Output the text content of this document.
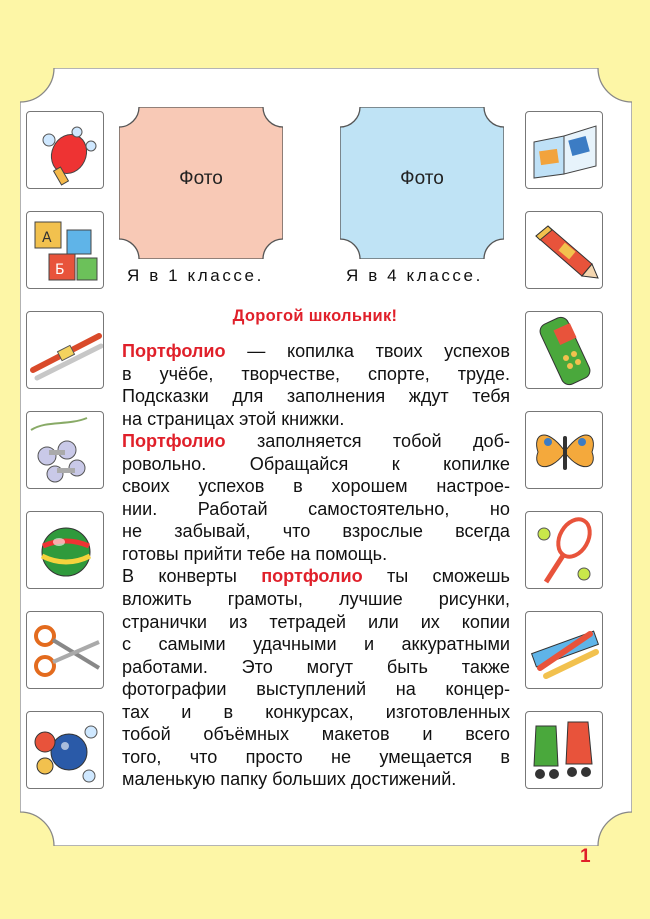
Фото	Фото
Я в 1 классе.	Я в 4 классе.
А
Б
Дорогой школьник!
Портфолио — копилка твоих успехов
в учёбе, творчестве, спорте, труде.
Подсказки для заполнения ждут тебя
на страницах этой книжки.
Портфолио заполняется тобой доб-
ровольно. Обращайся к копилке
своих успехов в хорошем настрое-
нии. Работай самостоятельно, но
не забывай, что взрослые всегда
готовы прийти тебе на помощь.
В конверты портфолио ты сможешь
вложить грамоты, лучшие рисунки,
странички из тетрадей или их копии
с самыми удачными и аккуратными
работами. Это могут быть также
фотографии выступлений на концер-
тах и в конкурсах, изготовленных
тобой объёмных макетов и всего
того, что просто не умещается в
маленькую папку больших достижений.
1
